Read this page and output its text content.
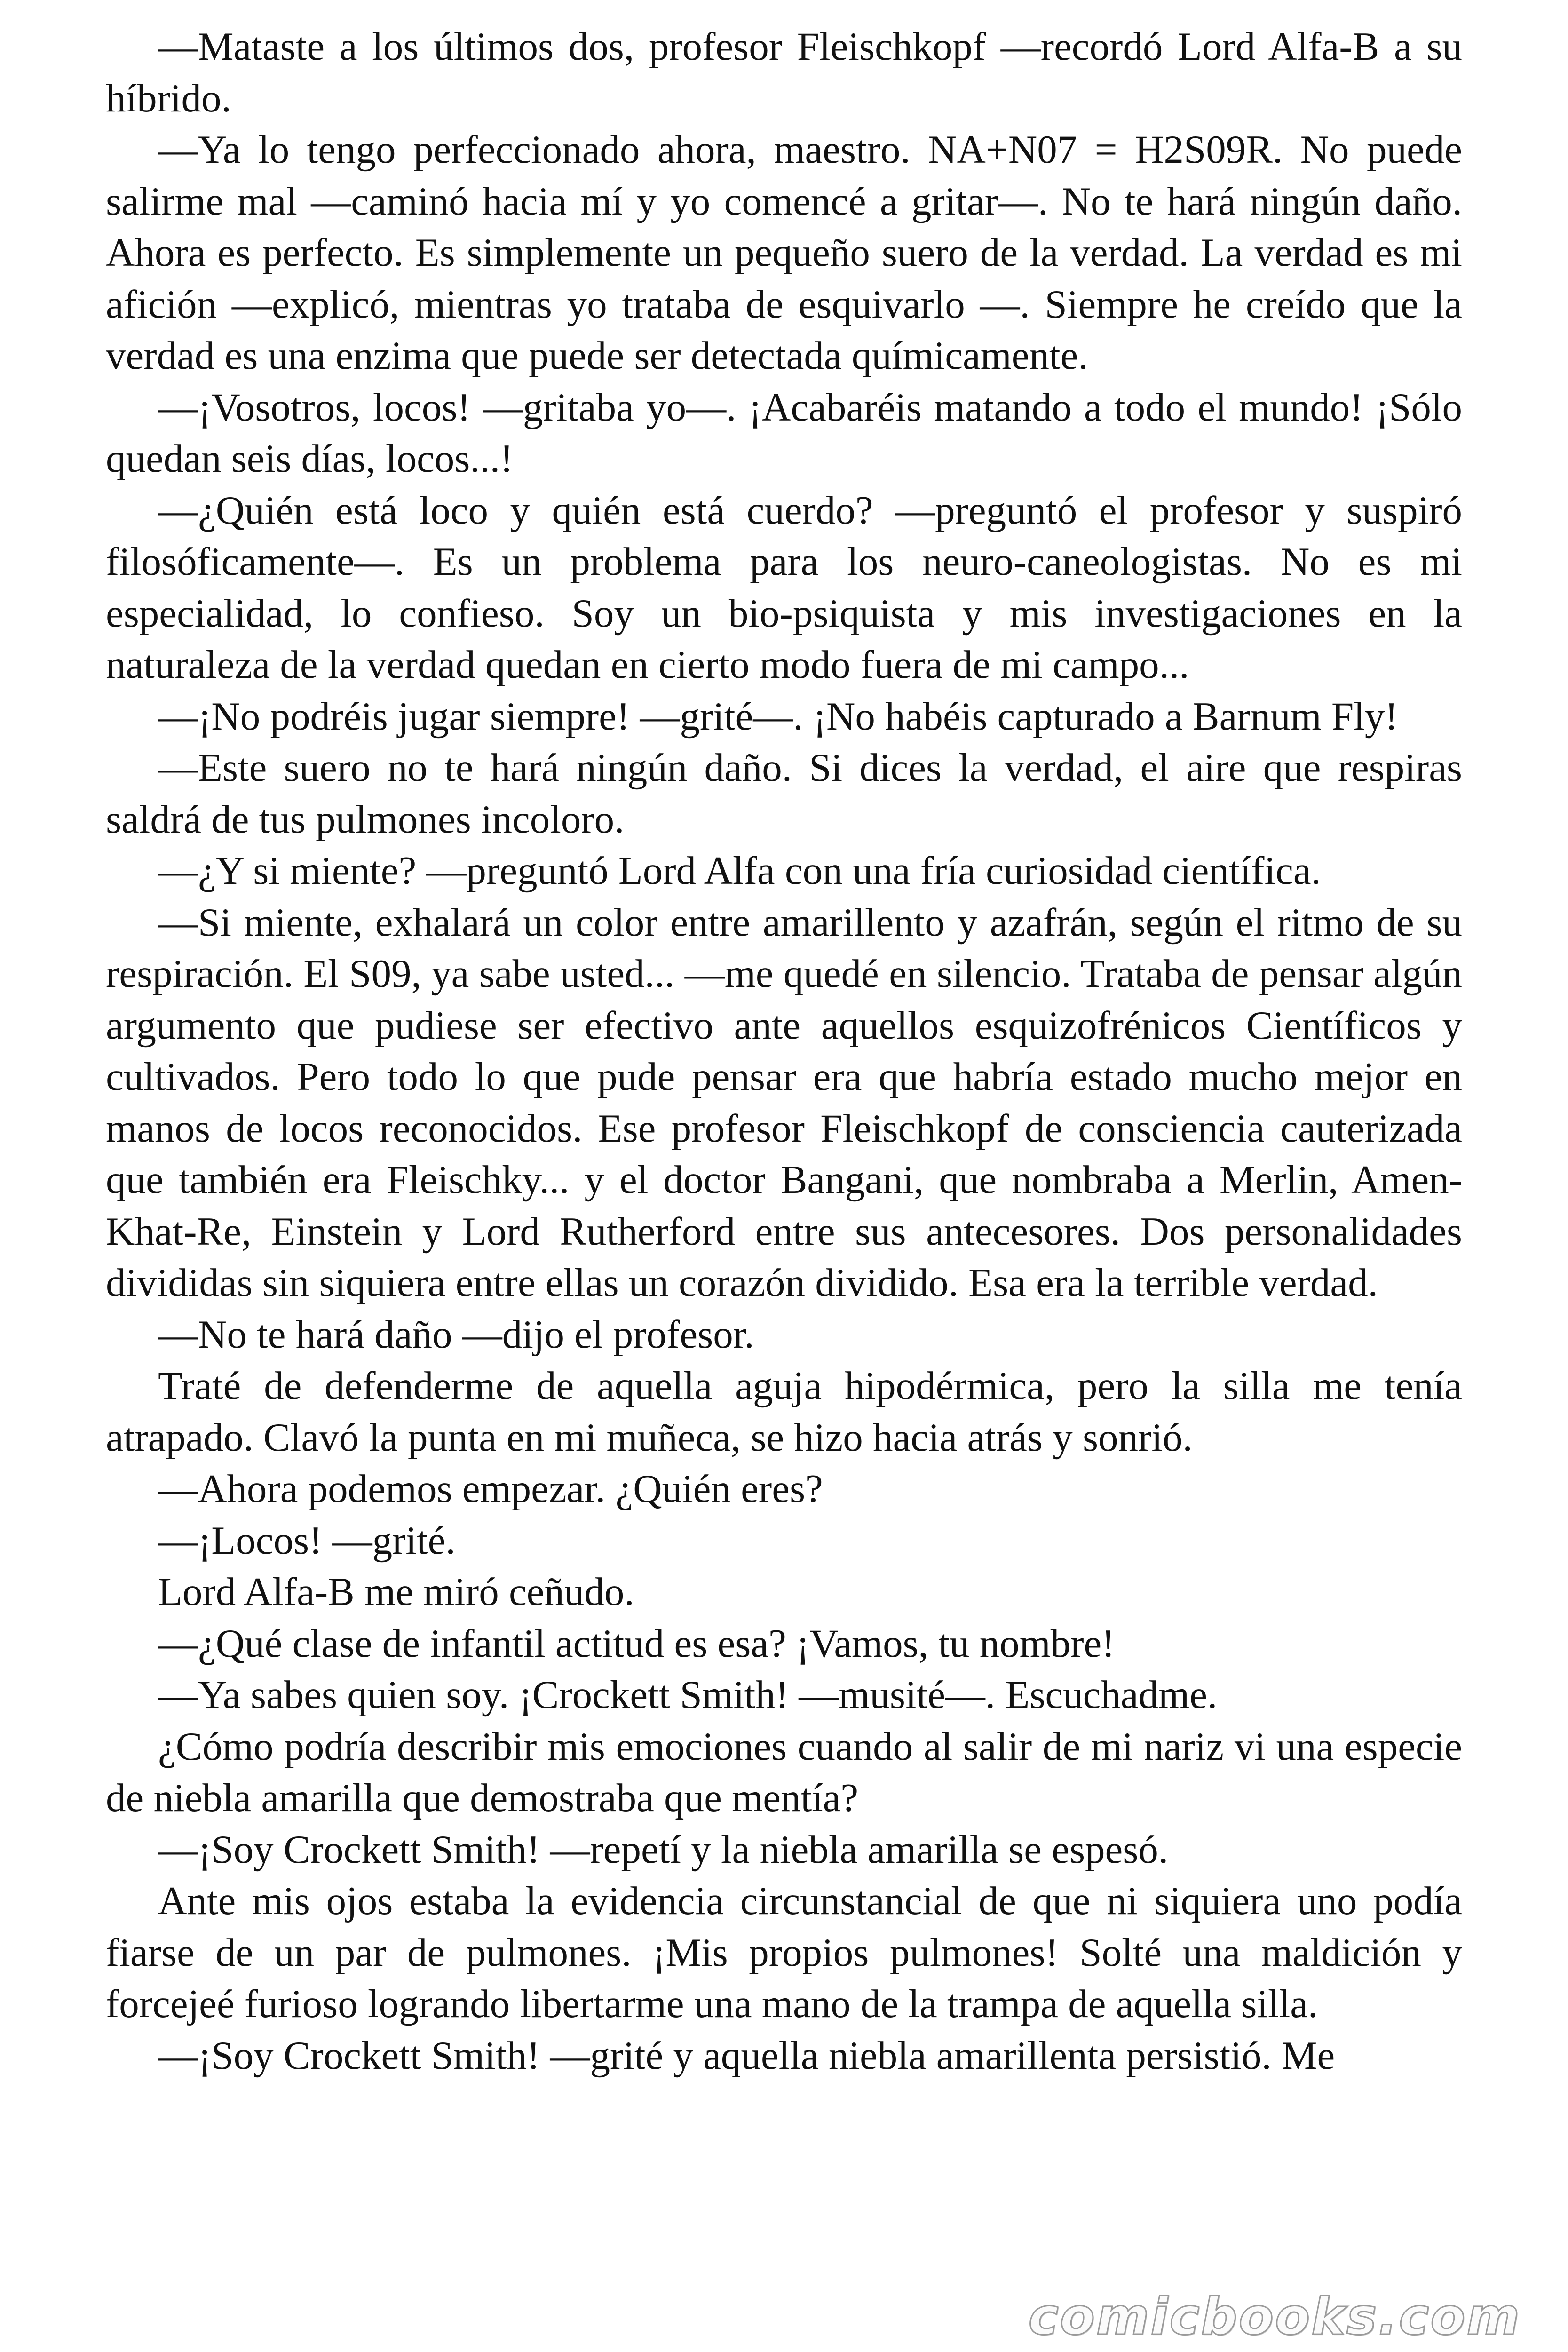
—Mataste a los últimos dos, profesor Fleischkopf —recordó Lord Alfa-B a su híbrido.

—Ya lo tengo perfeccionado ahora, maestro. NA+N07 = H2S09R. No puede salirme mal —caminó hacia mí y yo comencé a gritar—. No te hará ningún daño. Ahora es perfecto. Es simplemente un pequeño suero de la verdad. La verdad es mi afición —explicó, mientras yo trataba de esquivarlo —. Siempre he creído que la verdad es una enzima que puede ser detectada químicamente.

—¡Vosotros, locos! —gritaba yo—. ¡Acabaréis matando a todo el mundo! ¡Sólo quedan seis días, locos...!

—¿Quién está loco y quién está cuerdo? —preguntó el profesor y suspiró filosóficamente—. Es un problema para los neuro-caneologistas. No es mi especialidad, lo confieso. Soy un bio-psiquista y mis investigaciones en la naturaleza de la verdad quedan en cierto modo fuera de mi campo...

—¡No podréis jugar siempre! —grité—. ¡No habéis capturado a Barnum Fly!

—Este suero no te hará ningún daño. Si dices la verdad, el aire que respiras saldrá de tus pulmones incoloro.

—¿Y si miente? —preguntó Lord Alfa con una fría curiosidad científica.

—Si miente, exhalará un color entre amarillento y azafrán, según el ritmo de su respiración. El S09, ya sabe usted... —me quedé en silencio. Trataba de pensar algún argumento que pudiese ser efectivo ante aquellos esquizofrénicos Científicos y cultivados. Pero todo lo que pude pensar era que habría estado mucho mejor en manos de locos reconocidos. Ese profesor Fleischkopf de consciencia cauterizada que también era Fleischky... y el doctor Bangani, que nombraba a Merlin, Amen-Khat-Re, Einstein y Lord Rutherford entre sus antecesores. Dos personalidades divididas sin siquiera entre ellas un corazón dividido. Esa era la terrible verdad.

—No te hará daño —dijo el profesor.

Traté de defenderme de aquella aguja hipodérmica, pero la silla me tenía atrapado. Clavó la punta en mi muñeca, se hizo hacia atrás y sonrió.

—Ahora podemos empezar. ¿Quién eres?

—¡Locos! —grité.

Lord Alfa-B me miró ceñudo.

—¿Qué clase de infantil actitud es esa? ¡Vamos, tu nombre!

—Ya sabes quien soy. ¡Crockett Smith! —musité—. Escuchadme.

¿Cómo podría describir mis emociones cuando al salir de mi nariz vi una especie de niebla amarilla que demostraba que mentía?

—¡Soy Crockett Smith! —repetí y la niebla amarilla se espesó.

Ante mis ojos estaba la evidencia circunstancial de que ni siquiera uno podía fiarse de un par de pulmones. ¡Mis propios pulmones! Solté una maldición y forcejeé furioso logrando libertarme una mano de la trampa de aquella silla.

—¡Soy Crockett Smith! —grité y aquella niebla amarillenta persistió. Me

comicbooks.com
